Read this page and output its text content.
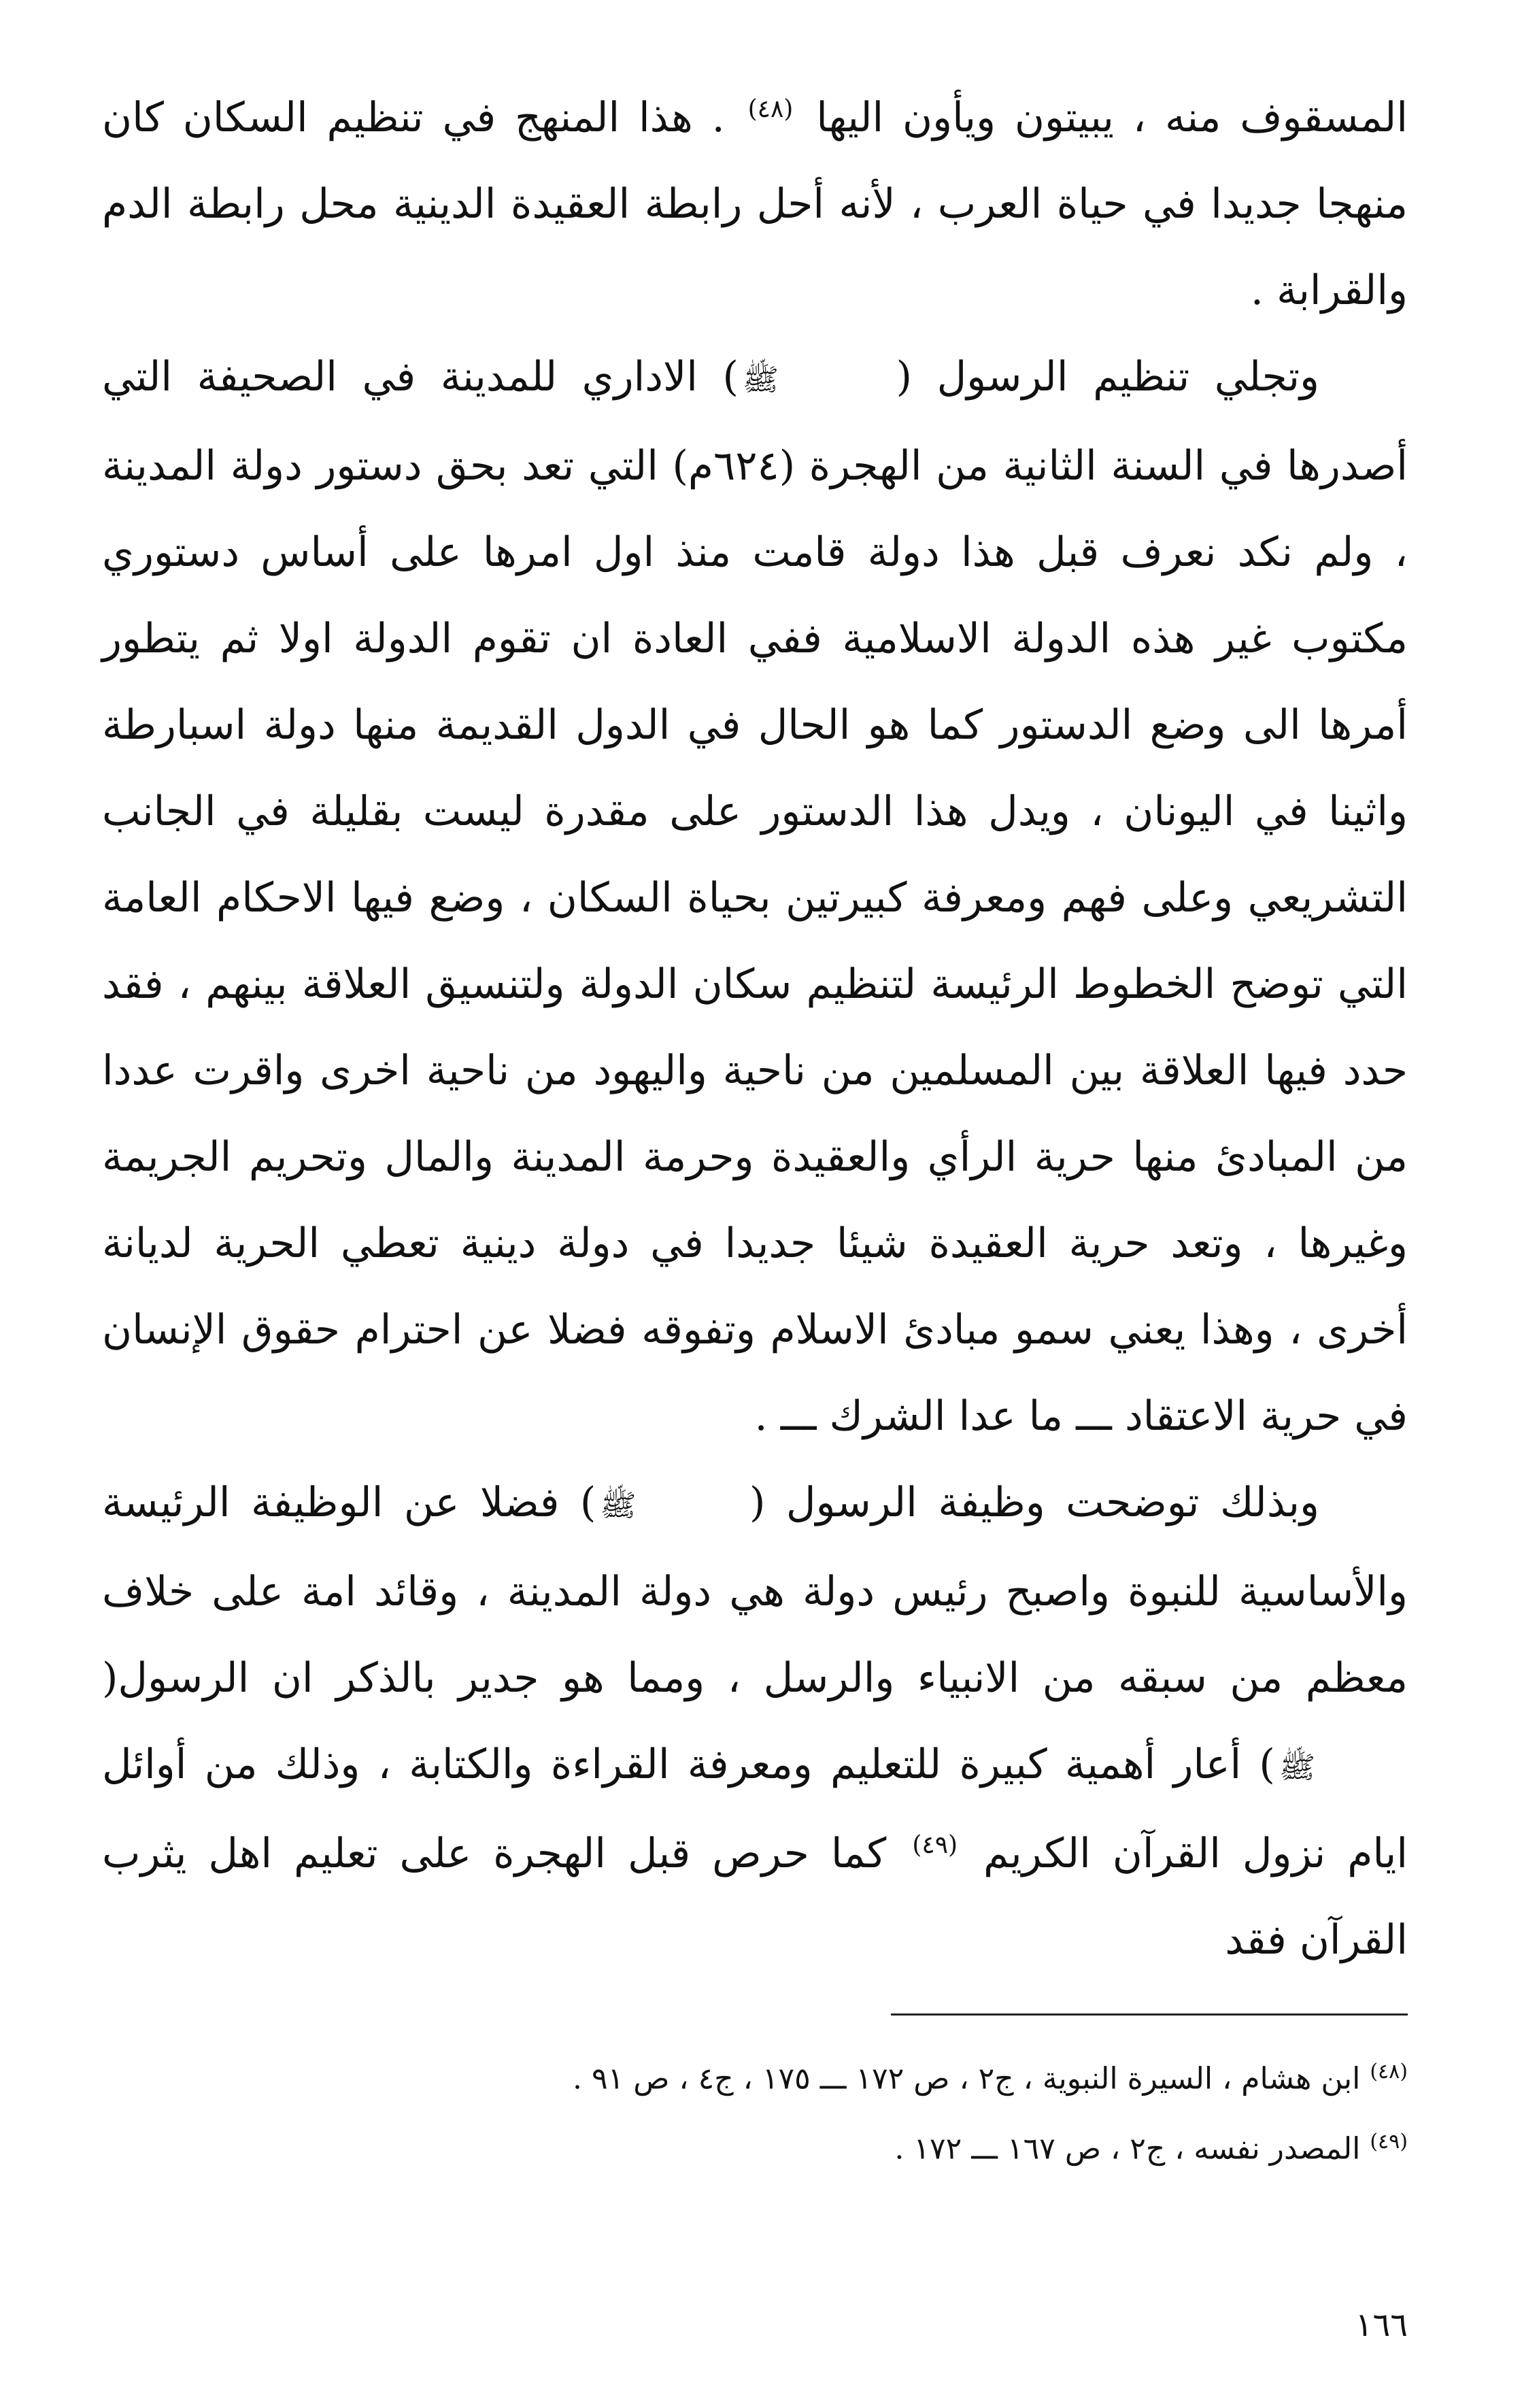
المسقوف منه ، يبيتون ويأون اليها $^{(٤٨)}$ . هذا المنهج في تنظيم السكان كان منهجا جديدا في حياة العرب ، لأنه أحل رابطة العقيدة الدينية محل رابطة الدم والقرابة .

وتجلي تنظيم الرسول ( ﷺ) الاداري للمدينة في الصحيفة التي أصدرها في السنة الثانية من الهجرة (٦٢٤م) التي تعد بحق دستور دولة المدينة ، ولم نكد نعرف قبل هذا دولة قامت منذ اول امرها على أساس دستوري مكتوب غير هذه الدولة الاسلامية ففي العادة ان تقوم الدولة اولا ثم يتطور أمرها الى وضع الدستور كما هو الحال في الدول القديمة منها دولة اسبارطة واثينا في اليونان ، ويدل هذا الدستور على مقدرة ليست بقليلة في الجانب التشريعي وعلى فهم ومعرفة كبيرتين بحياة السكان ، وضع فيها الاحكام العامة التي توضح الخطوط الرئيسة لتنظيم سكان الدولة ولتنسيق العلاقة بينهم ، فقد حدد فيها العلاقة بين المسلمين من ناحية واليهود من ناحية اخرى واقرت عددا من المبادئ منها حرية الرأي والعقيدة وحرمة المدينة والمال وتحريم الجريمة وغيرها ، وتعد حرية العقيدة شيئا جديدا في دولة دينية تعطي الحرية لديانة أخرى ، وهذا يعني سمو مبادئ الاسلام وتفوقه فضلا عن احترام حقوق الإنسان في حرية الاعتقاد ـــ ما عدا الشرك ـــ .

وبذلك توضحت وظيفة الرسول ( ﷺ) فضلا عن الوظيفة الرئيسة والأساسية للنبوة واصبح رئيس دولة هي دولة المدينة ، وقائد امة على خلاف معظم من سبقه من الانبياء والرسل ، ومما هو جدير بالذكر ان الرسول( ﷺ) أعار أهمية كبيرة للتعليم ومعرفة القراءة والكتابة ، وذلك من أوائل ايام نزول القرآن الكريم $^{(٤٩)}$ كما حرص قبل الهجرة على تعليم اهل يثرب القرآن فقد

$^{(٤٨)}$ابن هشام ، السيرة النبوية ، ج٢ ، ص ١٧٢ ـــ ١٧٥ ، ج٤ ، ص ٩١ .

$^{(٤٩)}$المصدر نفسه ، ج٢ ، ص ١٦٧ ـــ ١٧٢ .

١٦٦
